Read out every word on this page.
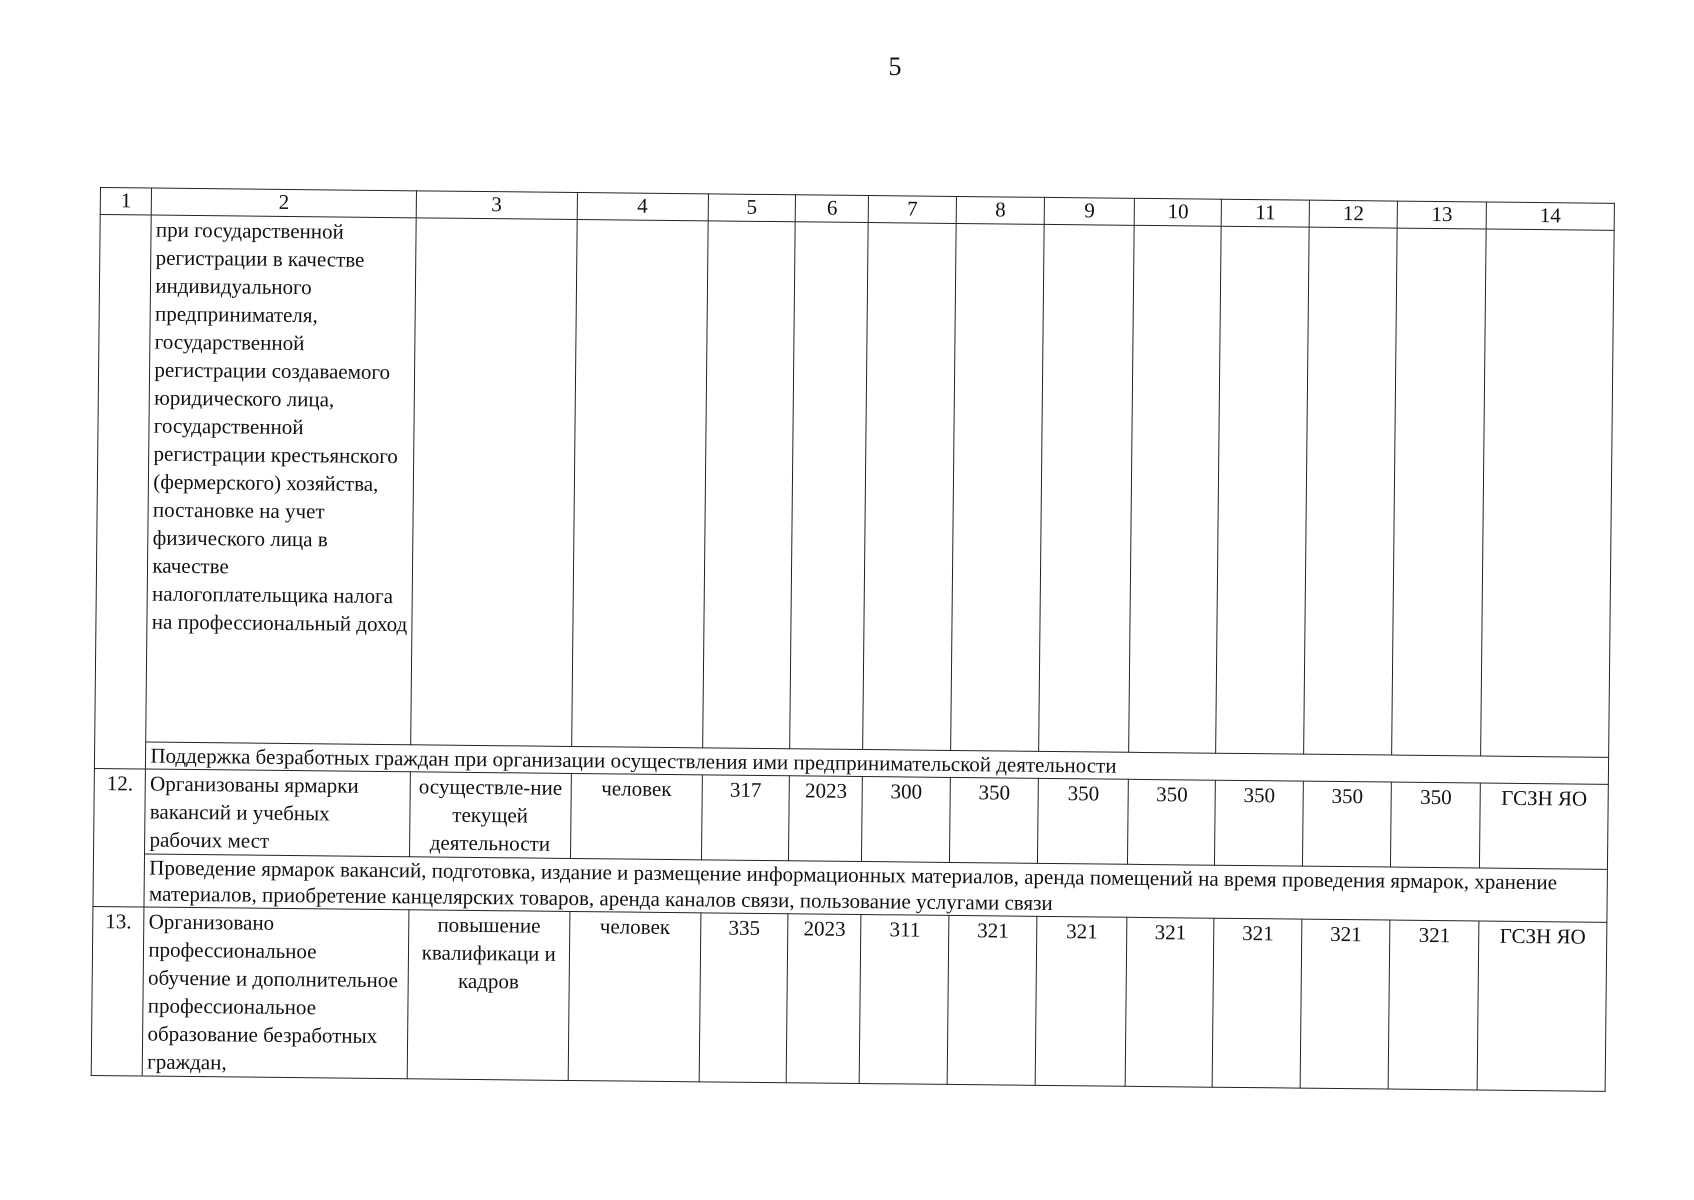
5
1	2	3	4	5	6	7	8	9	10	11	12	13	14
	при государственной регистрации в качестве индивидуального предпринимателя, государственной регистрации создаваемого юридического лица, государственной регистрации крестьянского (фермерского) хозяйства, постановке на учет физического лица в качестве налогоплательщика налога на профессиональный доход												
	Поддержка безработных граждан при организации осуществления ими предпринимательской деятельности												
12.	Организованы ярмарки вакансий и учебных рабочих мест	осуществле-ние текущей деятельности	человек	317	2023	300	350	350	350	350	350	350	ГСЗН ЯО
	Проведение ярмарок вакансий, подготовка, издание и размещение информационных материалов, аренда помещений на время проведения ярмарок, хранение материалов, приобретение канцелярских товаров, аренда каналов связи, пользование услугами связи												
13.	Организовано профессиональное обучение и дополнительное профессиональное образование безработных граждан,	повышение квалификаци и кадров	человек	335	2023	311	321	321	321	321	321	321	ГСЗН ЯО
